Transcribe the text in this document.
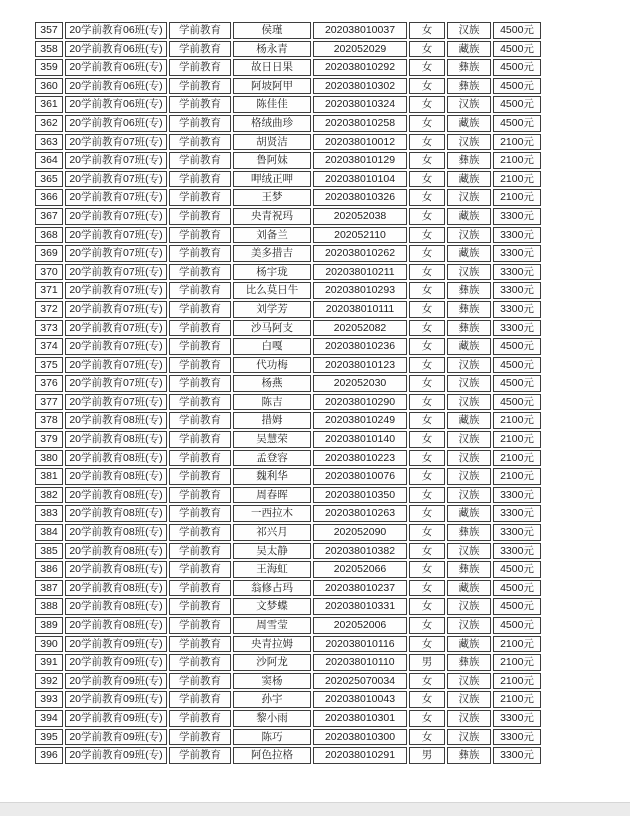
357	20学前教育06班(专)	学前教育	侯瑾	202038010037	女	汉族	4500元
358	20学前教育06班(专)	学前教育	杨永青	202052029	女	藏族	4500元
359	20学前教育06班(专)	学前教育	故日日果	202038010292	女	彝族	4500元
360	20学前教育06班(专)	学前教育	阿坡阿甲	202038010302	女	彝族	4500元
361	20学前教育06班(专)	学前教育	陈佳佳	202038010324	女	汉族	4500元
362	20学前教育06班(专)	学前教育	格绒曲珍	202038010258	女	藏族	4500元
363	20学前教育07班(专)	学前教育	胡贤洁	202038010012	女	汉族	2100元
364	20学前教育07班(专)	学前教育	鲁阿妹	202038010129	女	彝族	2100元
365	20学前教育07班(专)	学前教育	呷绒正呷	202038010104	女	藏族	2100元
366	20学前教育07班(专)	学前教育	王梦	202038010326	女	汉族	2100元
367	20学前教育07班(专)	学前教育	央青祝玛	202052038	女	藏族	3300元
368	20学前教育07班(专)	学前教育	刘备兰	202052110	女	汉族	3300元
369	20学前教育07班(专)	学前教育	美多措吉	202038010262	女	藏族	3300元
370	20学前教育07班(专)	学前教育	杨宇珑	202038010211	女	汉族	3300元
371	20学前教育07班(专)	学前教育	比么莫日牛	202038010293	女	彝族	3300元
372	20学前教育07班(专)	学前教育	刘学芳	202038010111	女	彝族	3300元
373	20学前教育07班(专)	学前教育	沙马阿支	202052082	女	彝族	3300元
374	20学前教育07班(专)	学前教育	白嘎	202038010236	女	藏族	4500元
375	20学前教育07班(专)	学前教育	代功梅	202038010123	女	汉族	4500元
376	20学前教育07班(专)	学前教育	杨燕	202052030	女	汉族	4500元
377	20学前教育07班(专)	学前教育	陈吉	202038010290	女	汉族	4500元
378	20学前教育08班(专)	学前教育	措姆	202038010249	女	藏族	2100元
379	20学前教育08班(专)	学前教育	吴慧荣	202038010140	女	汉族	2100元
380	20学前教育08班(专)	学前教育	孟登容	202038010223	女	汉族	2100元
381	20学前教育08班(专)	学前教育	魏利华	202038010076	女	汉族	2100元
382	20学前教育08班(专)	学前教育	周春晖	202038010350	女	汉族	3300元
383	20学前教育08班(专)	学前教育	一西拉木	202038010263	女	藏族	3300元
384	20学前教育08班(专)	学前教育	祁兴月	202052090	女	彝族	3300元
385	20学前教育08班(专)	学前教育	吴太静	202038010382	女	汉族	3300元
386	20学前教育08班(专)	学前教育	王海虹	202052066	女	彝族	4500元
387	20学前教育08班(专)	学前教育	翁修占玛	202038010237	女	藏族	4500元
388	20学前教育08班(专)	学前教育	文梦蝶	202038010331	女	汉族	4500元
389	20学前教育08班(专)	学前教育	周雪莹	202052006	女	汉族	4500元
390	20学前教育09班(专)	学前教育	央青拉姆	202038010116	女	藏族	2100元
391	20学前教育09班(专)	学前教育	沙阿龙	202038010110	男	彝族	2100元
392	20学前教育09班(专)	学前教育	窦杨	202025070034	女	汉族	2100元
393	20学前教育09班(专)	学前教育	孙宇	202038010043	女	汉族	2100元
394	20学前教育09班(专)	学前教育	黎小雨	202038010301	女	汉族	3300元
395	20学前教育09班(专)	学前教育	陈巧	202038010300	女	汉族	3300元
396	20学前教育09班(专)	学前教育	阿色拉格	202038010291	男	彝族	3300元
